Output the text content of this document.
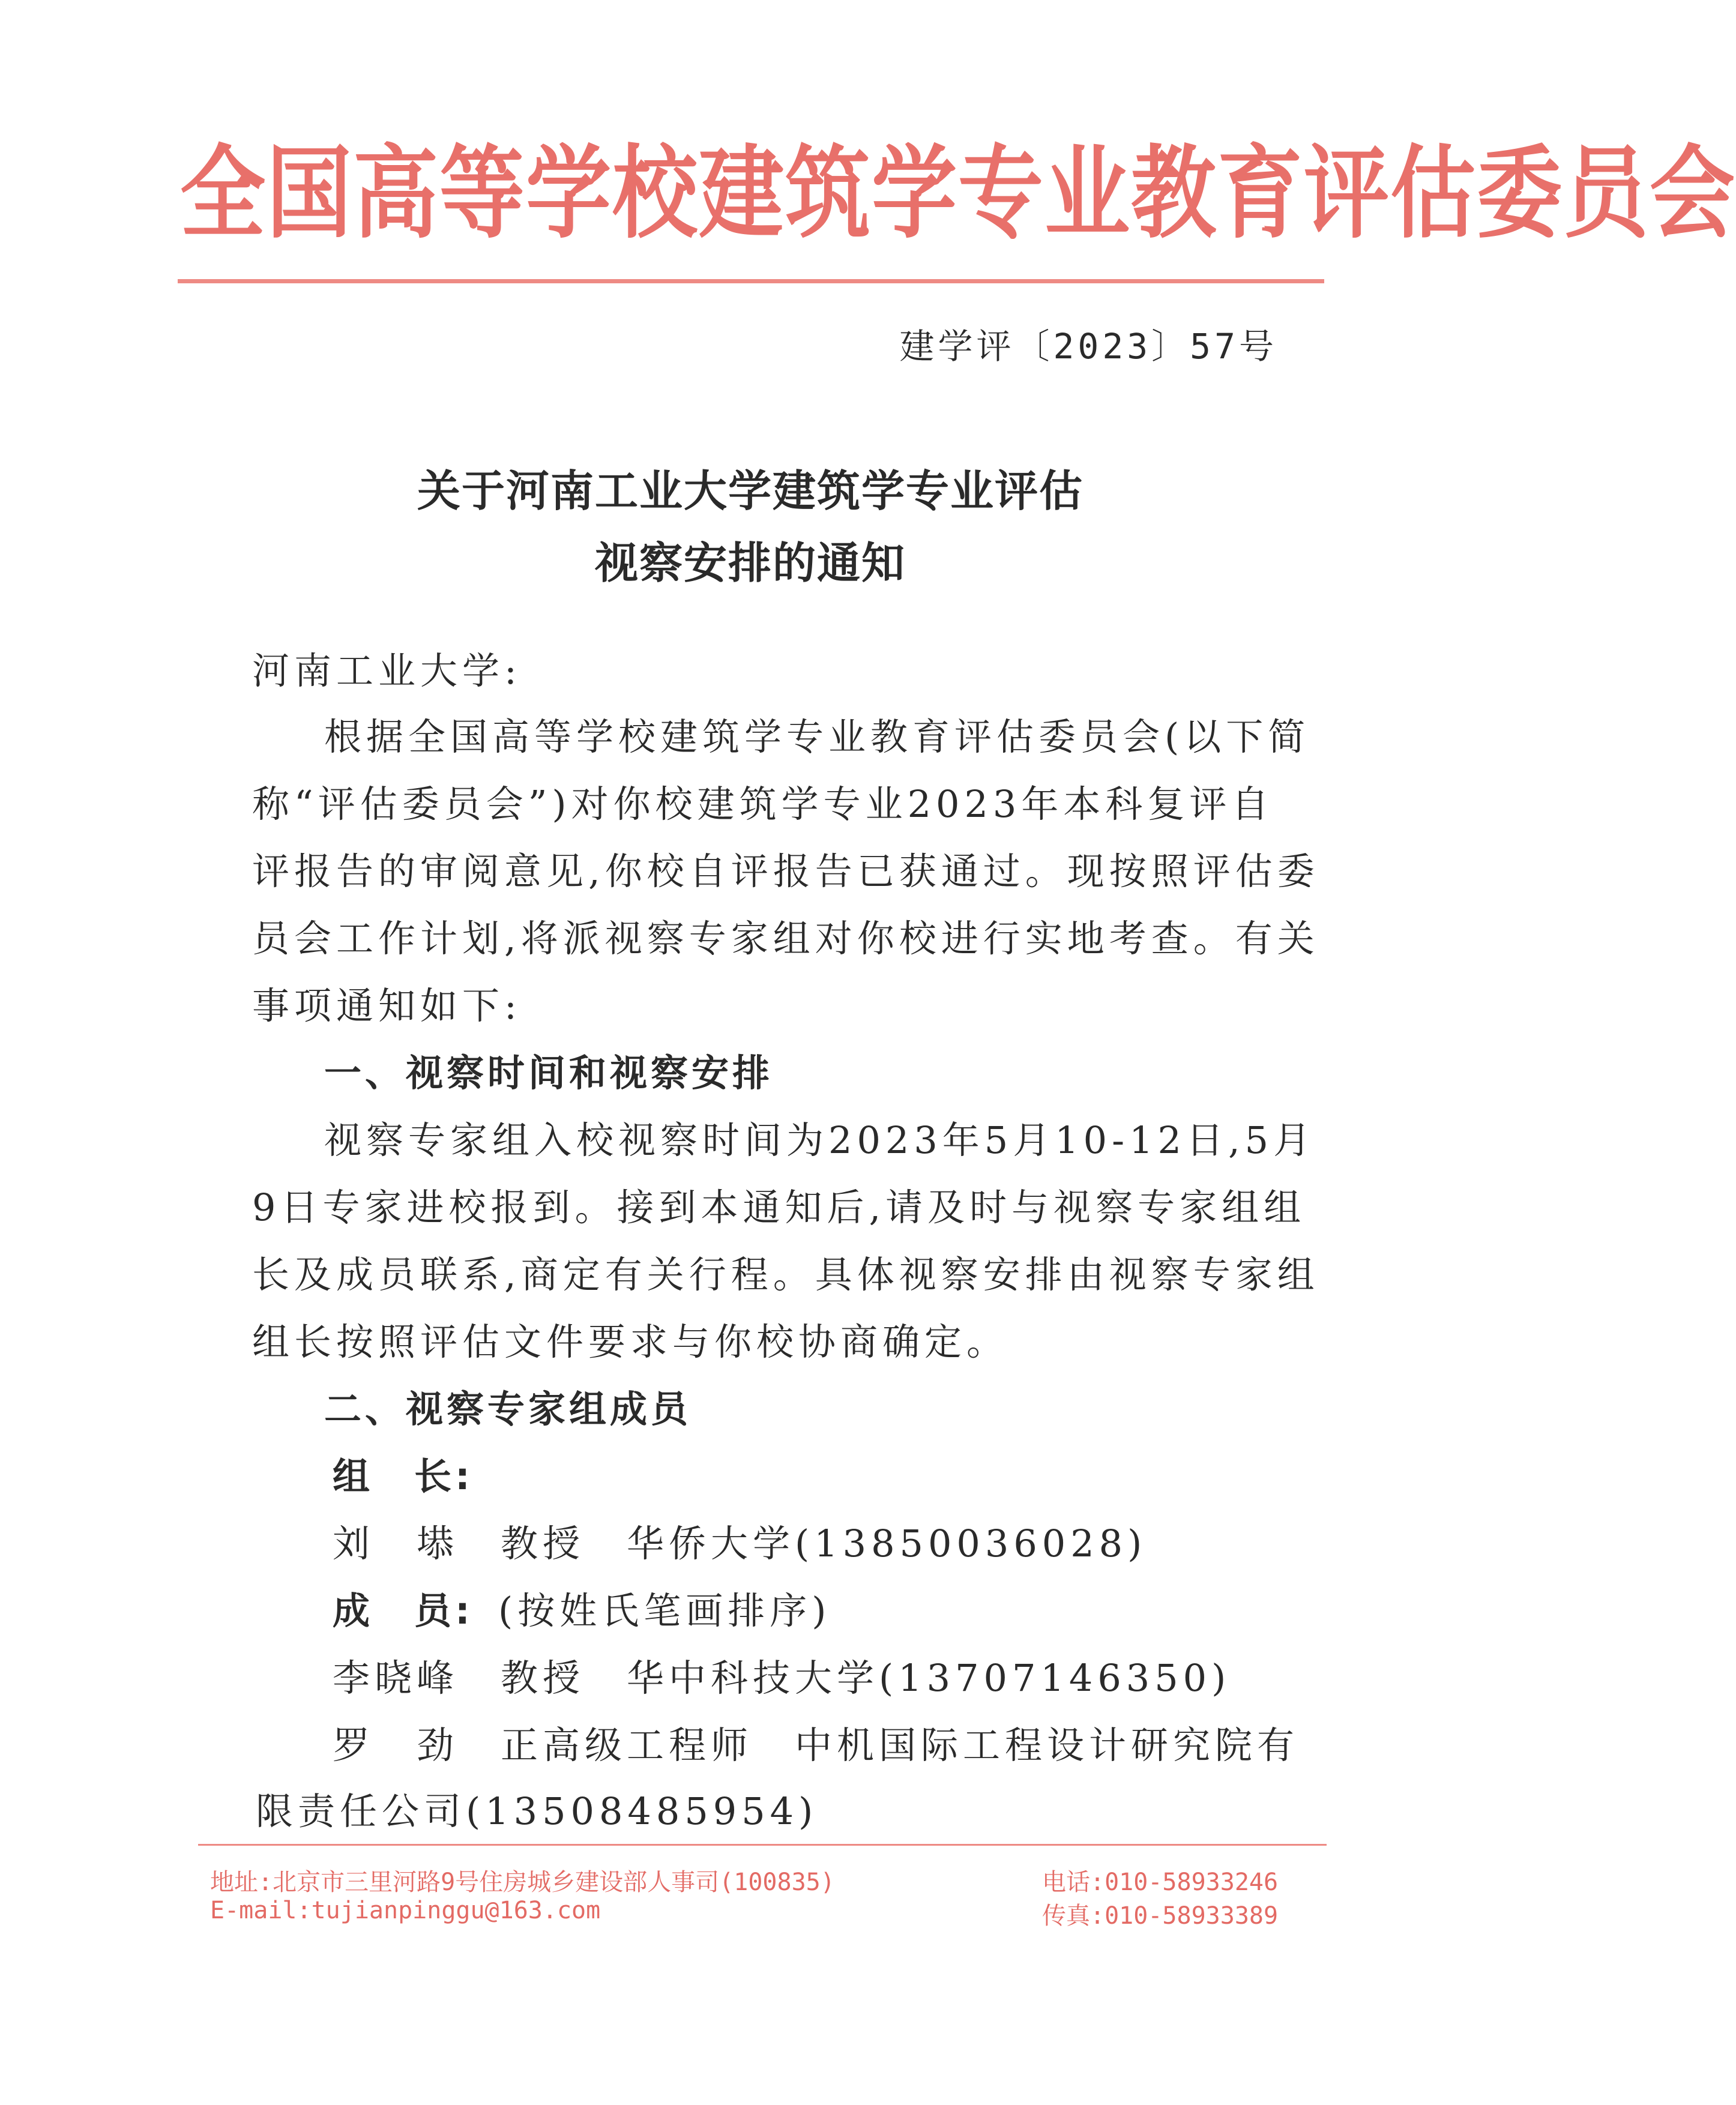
全国高等学校建筑学专业教育评估委员会
建学评〔2023〕57号
关于河南工业大学建筑学专业评估
视察安排的通知
河南工业大学:
根据全国高等学校建筑学专业教育评估委员会(以下简
称“评估委员会”)对你校建筑学专业2023年本科复评自
评报告的审阅意见,你校自评报告已获通过。现按照评估委
员会工作计划,将派视察专家组对你校进行实地考查。有关
事项通知如下:
一、视察时间和视察安排
视察专家组入校视察时间为2023年5月10-12日,5月
9日专家进校报到。接到本通知后,请及时与视察专家组组
长及成员联系,商定有关行程。具体视察安排由视察专家组
组长按照评估文件要求与你校协商确定。
二、视察专家组成员
组　长:
刘　塨　教授　华侨大学(13850036028)
成　员: (按姓氏笔画排序)
李晓峰　教授　华中科技大学(13707146350)
罗　劲　正高级工程师　中机国际工程设计研究院有
限责任公司(13508485954)
地址:北京市三里河路9号住房城乡建设部人事司(100835)
E-mail:tujianpinggu@163.com
电话:010-58933246
传真:010-58933389
